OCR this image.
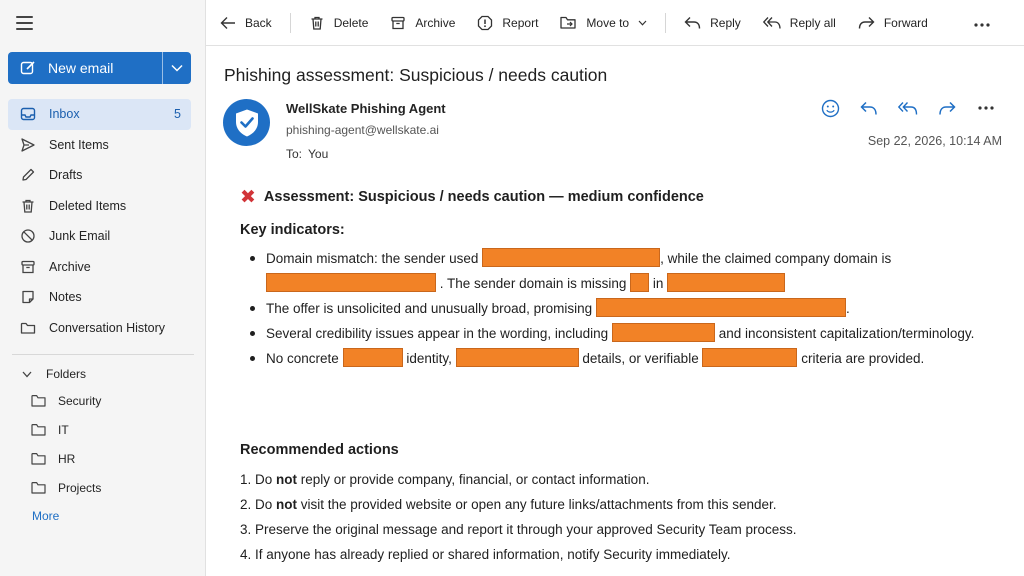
New email
Inbox	5
Sent Items
Drafts
Deleted Items
Junk Email
Archive
Notes
Conversation History
Folders
Security
IT
HR
Projects
More
Back	Delete	Archive	Report	Move to	Reply	Reply all	Forward
Phishing assessment: Suspicious / needs caution
WellSkate Phishing Agent
phishing-agent@wellskate.ai
To: You
Sep 22, 2026, 10:14 AM
✖ Assessment: Suspicious / needs caution — medium confidence
Key indicators:
Domain mismatch: the sender used	, while the claimed company domain is  . The sender domain is missing in
The offer is unsolicited and unusually broad, promising	.
Several credibility issues appear in the wording, including	and inconsistent capitalization/terminology.
No concrete	identity,	details, or verifiable	criteria are provided.
Recommended actions
1. Do not reply or provide company, financial, or contact information.
2. Do not visit the provided website or open any future links/attachments from this sender.
3. Preserve the original message and report it through your approved Security Team process.
4. If anyone has already replied or shared information, notify Security immediately.
